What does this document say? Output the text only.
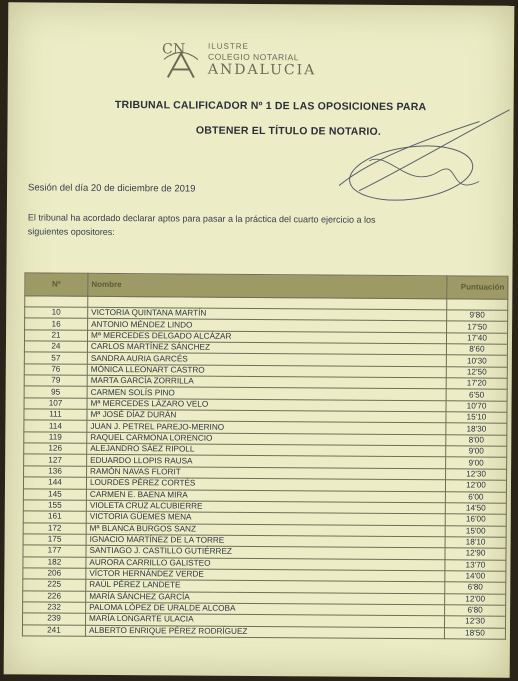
C N	ILUSTRE
COLEGIO NOTARIAL
ANDALUCIA
TRIBUNAL CALIFICADOR Nº 1 DE LAS OPOSICIONES PARA
OBTENER EL TÍTULO DE NOTARIO.
Sesión del día 20 de diciembre de 2019
El tribunal ha acordado declarar aptos para pasar a la práctica del cuarto ejercicio a los siguientes opositores:
Nº	Nombre	Puntuación

10	VICTORIA QUINTANA MARTÍN	9'80
16	ANTONIO MÉNDEZ LINDO	17'50
21	Mª MERCEDES DELGADO ALCÁZAR	17'40
24	CARLOS MARTÍNEZ SÁNCHEZ	8'60
57	SANDRA AURIA GARCÉS	10'30
76	MÓNICA LLEONART CASTRO	12'50
79	MARTA GARCÍA ZORRILLA	17'20
95	CARMEN SOLÍS PINO	6'50
107	Mª MERCEDES LÁZARO VELO	10'70
111	Mª JOSÉ DÍAZ DURÁN	15'10
114	JUAN J. PETREL PAREJO-MERINO	18'30
119	RAQUEL CARMONA LORENCIO	8'00
126	ALEJANDRO SÁEZ RIPOLL	9'00
127	EDUARDO LLOPIS RAUSA	9'00
136	RAMÓN NAVAS FLORIT	12'30
144	LOURDES PÉREZ CORTÉS	12'00
145	CARMEN E. BAENA MIRA	6'00
155	VIOLETA CRUZ ALCUBIERRE	14'50
161	VICTORIA GÜEMES MENA	16'00
172	Mª BLANCA BURGOS SANZ	15'00
175	IGNACIO MARTÍNEZ DE LA TORRE	18'10
177	SANTIAGO J. CASTILLO GUTIÉRREZ	12'90
182	AURORA CARRILLO GALISTEO	13'70
206	VÍCTOR HERNÁNDEZ VERDE	14'00
225	RAÚL PÉREZ LANDETE	6'80
226	MARÍA SÁNCHEZ GARCÍA	12'00
232	PALOMA LÓPEZ DE URALDE ALCOBA	6'80
239	MARÍA LONGARTE ULACIA	12'30
241	ALBERTO ENRIQUE PÉREZ RODRÍGUEZ	18'50
